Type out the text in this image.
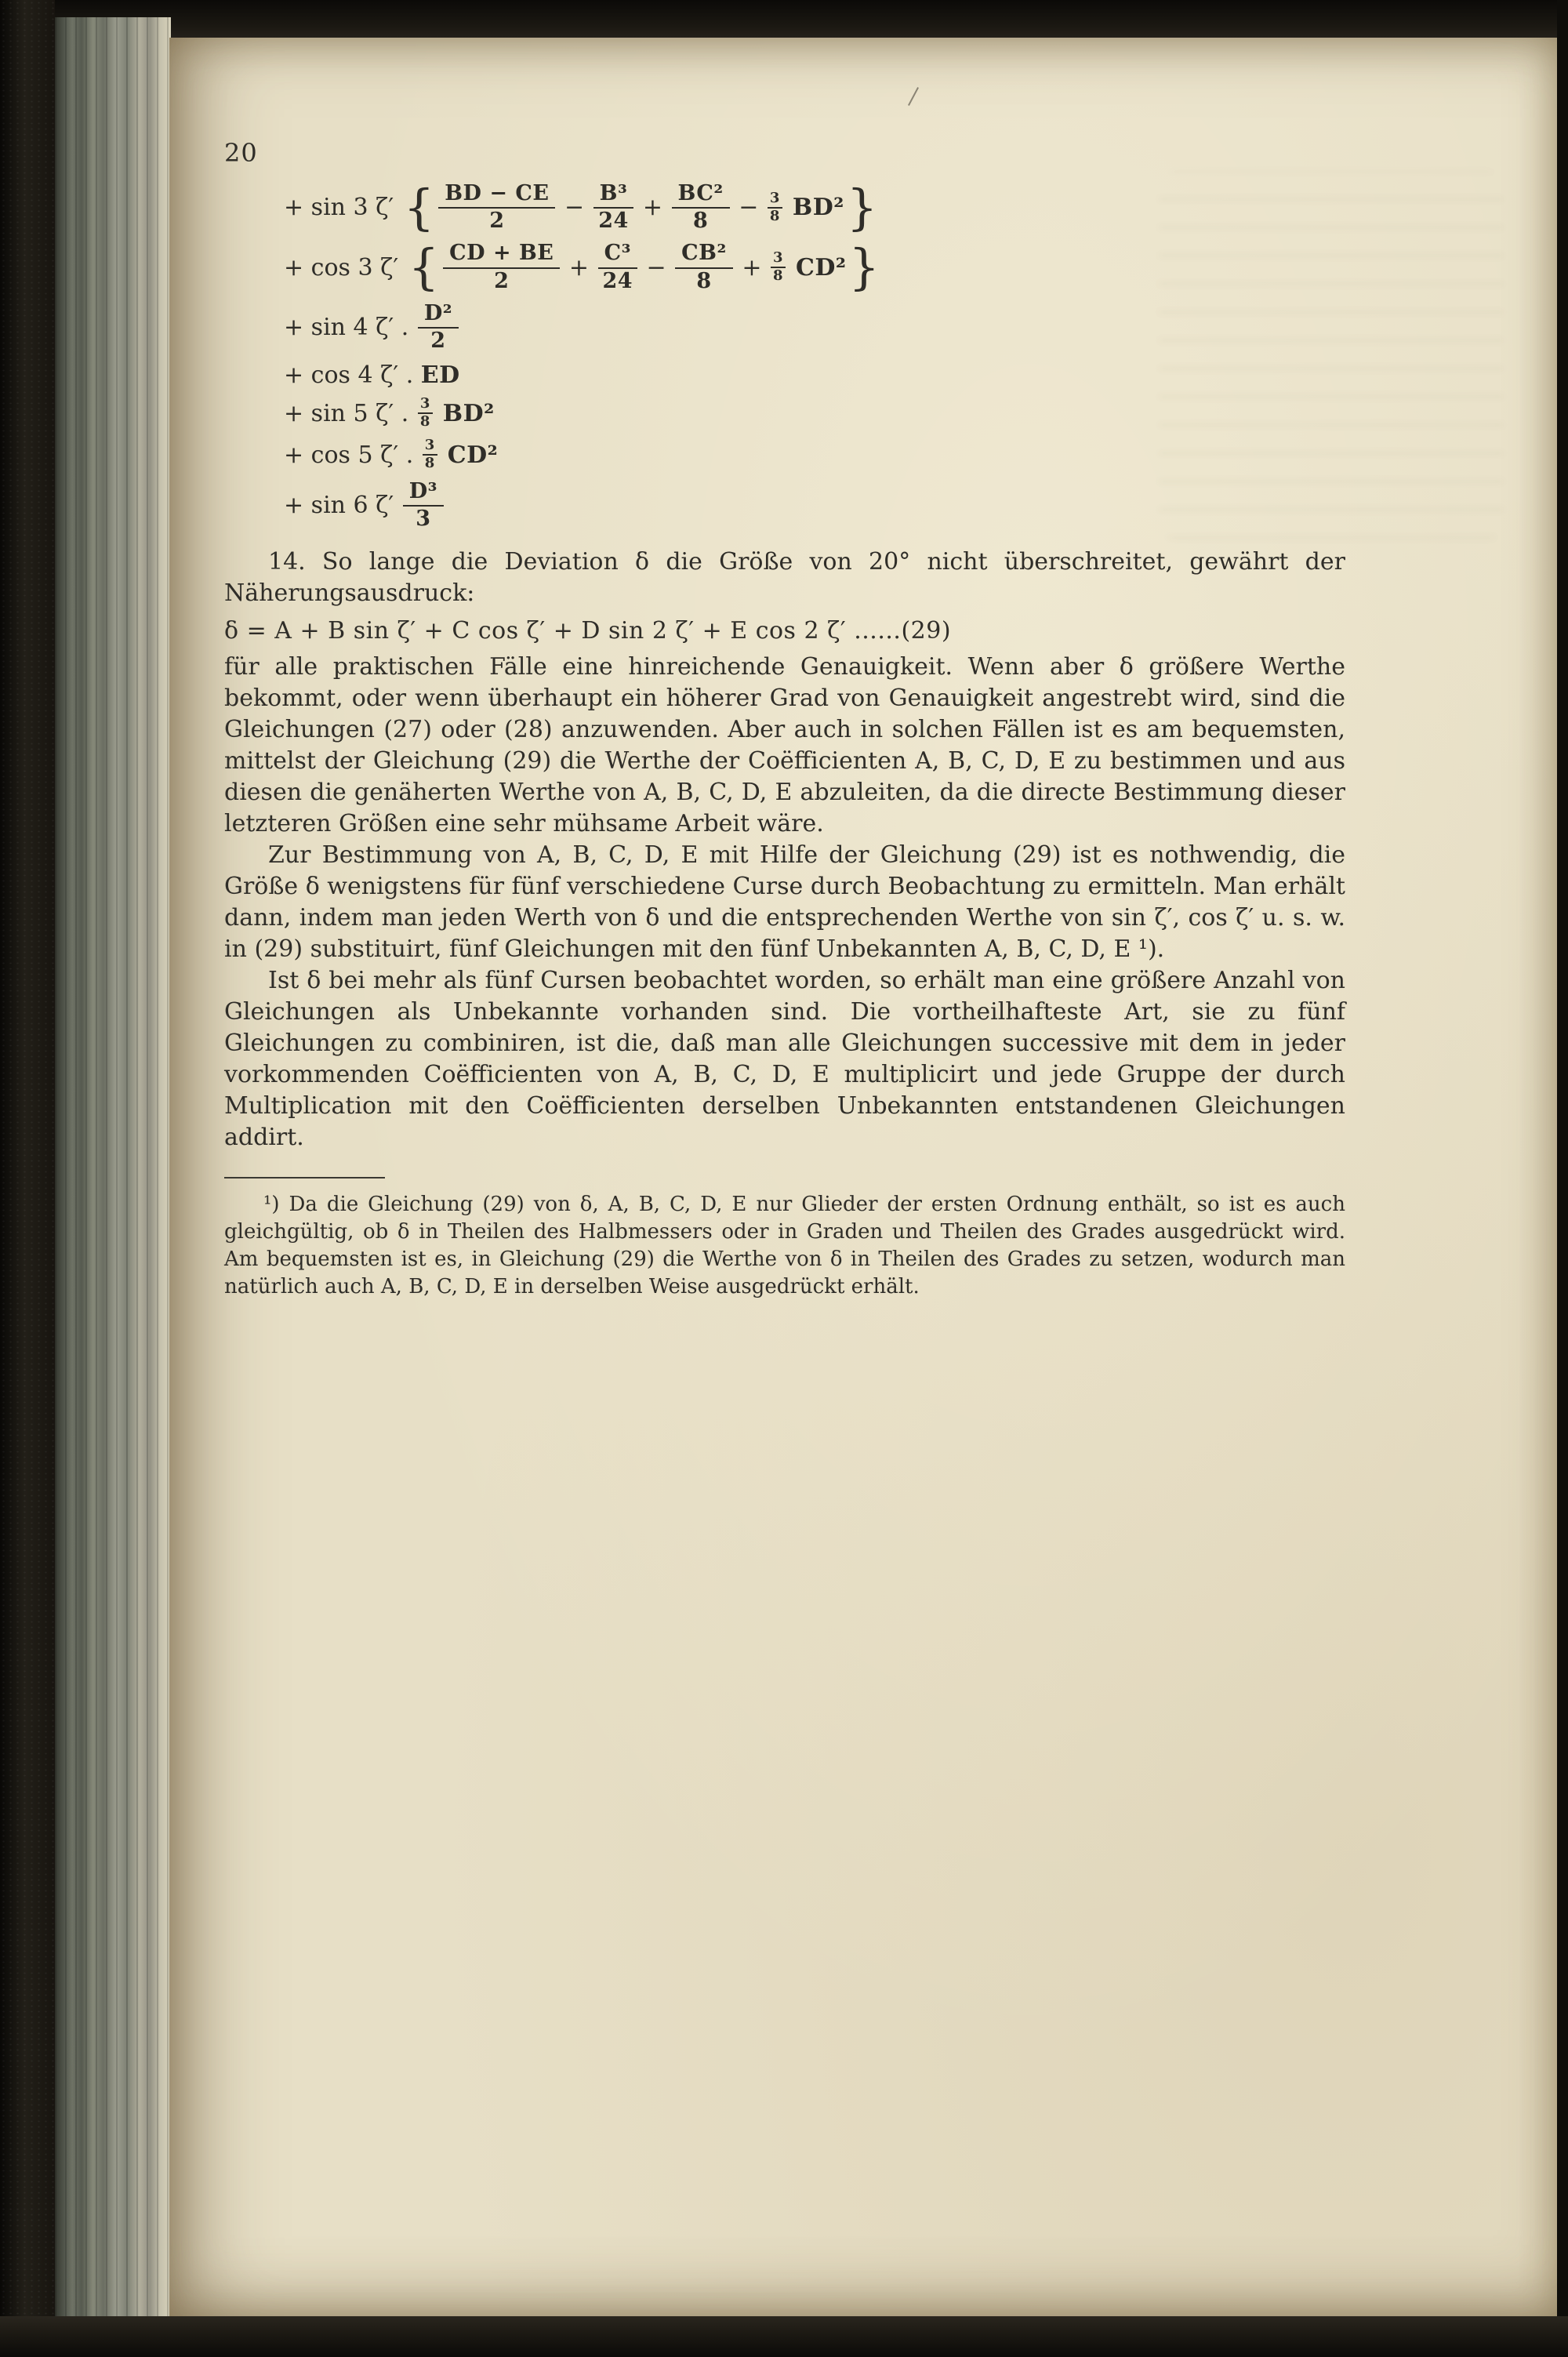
20
+ sin 3 ζ′ { $\frac{BD - CE}{2} - \frac{\text{B³}}{24} + \frac{\text{BC²}}{8} - \frac{3}{8} BD^2$ }
+ cos 3 ζ′ { $\frac{CD + BE}{2} + \frac{\text{C³}}{24} - \frac{\text{CB²}}{8} + \frac{3}{8} CD^2$ }
+ sin 4 ζ′ . $\frac{\text{D²}}{2}$
+ cos 4 ζ′ . ED
+ sin 5 ζ′ . $\frac{3}{8} BD^2$
+ cos 5 ζ′ . $\frac{3}{8} CD^2$
+ sin 6 $\zeta' \frac{\text{D³}}{3}$

14. So lange die Deviation δ die Größe von 20° nicht überschreitet, gewährt der Näherungsausdruck:

δ = A + B sin ζ′ + C cos ζ′ + D sin 2 ζ′ + E cos 2 ζ′ ......(29)

für alle praktischen Fälle eine hinreichende Genauigkeit. Wenn aber δ größere Werthe bekommt, oder wenn überhaupt ein höherer Grad von Genauigkeit angestrebt wird, sind die Gleichungen (27) oder (28) anzuwenden. Aber auch in solchen Fällen ist es am bequemsten, mittelst der Gleichung (29) die Werthe der Coëfficienten A, B, C, D, E zu bestimmen und aus diesen die genäherten Werthe von A, B, C, D, E abzuleiten, da die directe Bestimmung dieser letzteren Größen eine sehr mühsame Arbeit wäre.

Zur Bestimmung von A, B, C, D, E mit Hilfe der Gleichung (29) ist es nothwendig, die Größe δ wenigstens für fünf verschiedene Curse durch Beobachtung zu ermitteln. Man erhält dann, indem man jeden Werth von δ und die entsprechenden Werthe von sin ζ′, cos ζ′ u. s. w. in (29) substituirt, fünf Gleichungen mit den fünf Unbekannten A, B, C, D, E ¹).

Ist δ bei mehr als fünf Cursen beobachtet worden, so erhält man eine größere Anzahl von Gleichungen als Unbekannte vorhanden sind. Die vortheilhafteste Art, sie zu fünf Gleichungen zu combiniren, ist die, daß man alle Gleichungen successive mit dem in jeder vorkommenden Coëfficienten von A, B, C, D, E multiplicirt und jede Gruppe der durch Multiplication mit den Coëfficienten derselben Unbekannten entstandenen Gleichungen addirt.

¹) Da die Gleichung (29) von δ, A, B, C, D, E nur Glieder der ersten Ordnung enthält, so ist es auch gleichgültig, ob δ in Theilen des Halbmessers oder in Graden und Theilen des Grades ausgedrückt wird. Am bequemsten ist es, in Gleichung (29) die Werthe von δ in Theilen des Grades zu setzen, wodurch man natürlich auch A, B, C, D, E in derselben Weise ausgedrückt erhält.
